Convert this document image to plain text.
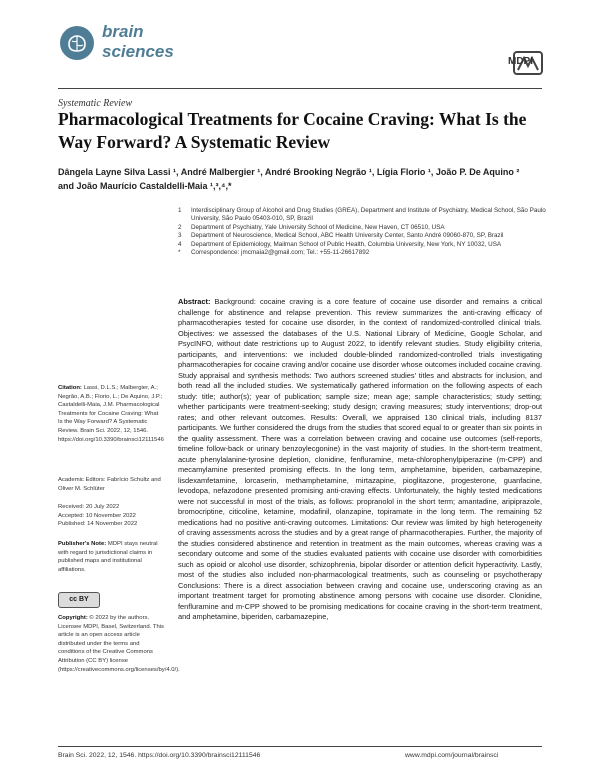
brain
sciences
MDPI
Systematic Review
Pharmacological Treatments for Cocaine Craving: What Is the Way Forward? A Systematic Review
Dângela Layne Silva Lassi ¹, André Malbergier ¹, André Brooking Negrão ¹, Lígia Florio ¹, João P. De Aquino ²
and João Maurício Castaldelli-Maia ¹,³,⁴,*
1 Interdisciplinary Group of Alcohol and Drug Studies (GREA), Department and Institute of Psychiatry, Medical School, São Paulo University, São Paulo 05403-010, SP, Brazil
2 Department of Psychiatry, Yale University School of Medicine, New Haven, CT 06510, USA
3 Department of Neuroscience, Medical School, ABC Health University Center, Santo André 09060-870, SP, Brazil
4 Department of Epidemiology, Mailman School of Public Health, Columbia University, New York, NY 10032, USA
* Correspondence: jmcmaia2@gmail.com; Tel.: +55-11-26617892
Abstract: Background: cocaine craving is a core feature of cocaine use disorder and remains a critical challenge for abstinence and relapse prevention. This review summarizes the anti-craving efficacy of pharmacotherapies tested for cocaine use disorder, in the context of randomized-controlled clinical trials. Objectives: we assessed the databases of the U.S. National Library of Medicine, Google Scholar, and PsycINFO, without date restrictions up to August 2022, to identify relevant studies. Study eligibility criteria, participants, and interventions: we included double-blinded randomized-controlled trials investigating pharmacotherapies for cocaine craving and/or cocaine use disorder whose outcomes included cocaine craving. Study appraisal and synthesis methods: Two authors screened studies' titles and abstracts for inclusion, and both read all the included studies. We systematically gathered information on the following aspects of each study: title; author(s); year of publication; sample size; mean age; sample characteristics; study setting; whether participants were treatment-seeking; study design; craving measures; study interventions; drop-out rates; and other relevant outcomes. Results: Overall, we appraised 130 clinical trials, including 8137 participants. We further considered the drugs from the studies that scored equal to or greater than six points in the quality assessment. There was a correlation between craving and cocaine use outcomes (self-reports, timeline follow-back or urinary benzoylecgonine) in the vast majority of studies. In the short-term treatment, acute phenylalanine-tyrosine depletion, clonidine, fenfluramine, meta-chlorophenylpiperazine (m-CPP) and mecamylamine presented promising effects. In the long term, amphetamine, biperiden, carbamazepine, lisdexamfetamine, lorcaserin, methamphetamine, mirtazapine, pioglitazone, progesterone, guanfacine, levodopa, nefazodone presented promising anti-craving effects. Unfortunately, the highly tested medications were not successful in most of the trials, as follows: propranolol in the short term; amantadine, aripiprazole, bromocriptine, citicoline, ketamine, modafinil, olanzapine, topiramate in the long term. The remaining 52 medications had no positive anti-craving outcomes. Limitations: Our review was limited by high heterogeneity of craving assessments across the studies and by a great range of pharmacotherapies. Further, the majority of the studies considered abstinence and retention in treatment as the main outcomes, whereas craving was a secondary outcome and some of the studies evaluated patients with cocaine use disorder with comorbidities such as opioid or alcohol use disorder, schizophrenia, bipolar disorder or attention deficit hyperactivity. Lastly, most of the studies also included non-pharmacological treatments, such as counseling or psychotherapy Conclusions: There is a direct association between craving and cocaine use, underscoring craving as an important treatment target for promoting abstinence among persons with cocaine use disorder. Clonidine, fenfluramine and m-CPP showed to be promising medications for cocaine craving in the short-term treatment, and amphetamine, biperiden, carbamazepine,
Citation: Lassi, D.L.S.; Malbergier, A.; Negrão, A.B.; Florio, L.; De Aquino, J.P.; Castaldelli-Maia, J.M. Pharmacological Treatments for Cocaine Craving: What Is the Way Forward? A Systematic Review. Brain Sci. 2022, 12, 1546. https://doi.org/10.3390/brainsci12111546
Academic Editors: Fabrício Schultz and Oliver M. Schlüter
Received: 20 July 2022
Accepted: 10 November 2022
Published: 14 November 2022
Publisher's Note: MDPI stays neutral with regard to jurisdictional claims in published maps and institutional affiliations.
cc BY
Copyright: © 2022 by the authors. Licensee MDPI, Basel, Switzerland. This article is an open access article distributed under the terms and conditions of the Creative Commons Attribution (CC BY) license (https://creativecommons.org/licenses/by/4.0/).
Brain Sci. 2022, 12, 1546. https://doi.org/10.3390/brainsci12111546	www.mdpi.com/journal/brainsci
